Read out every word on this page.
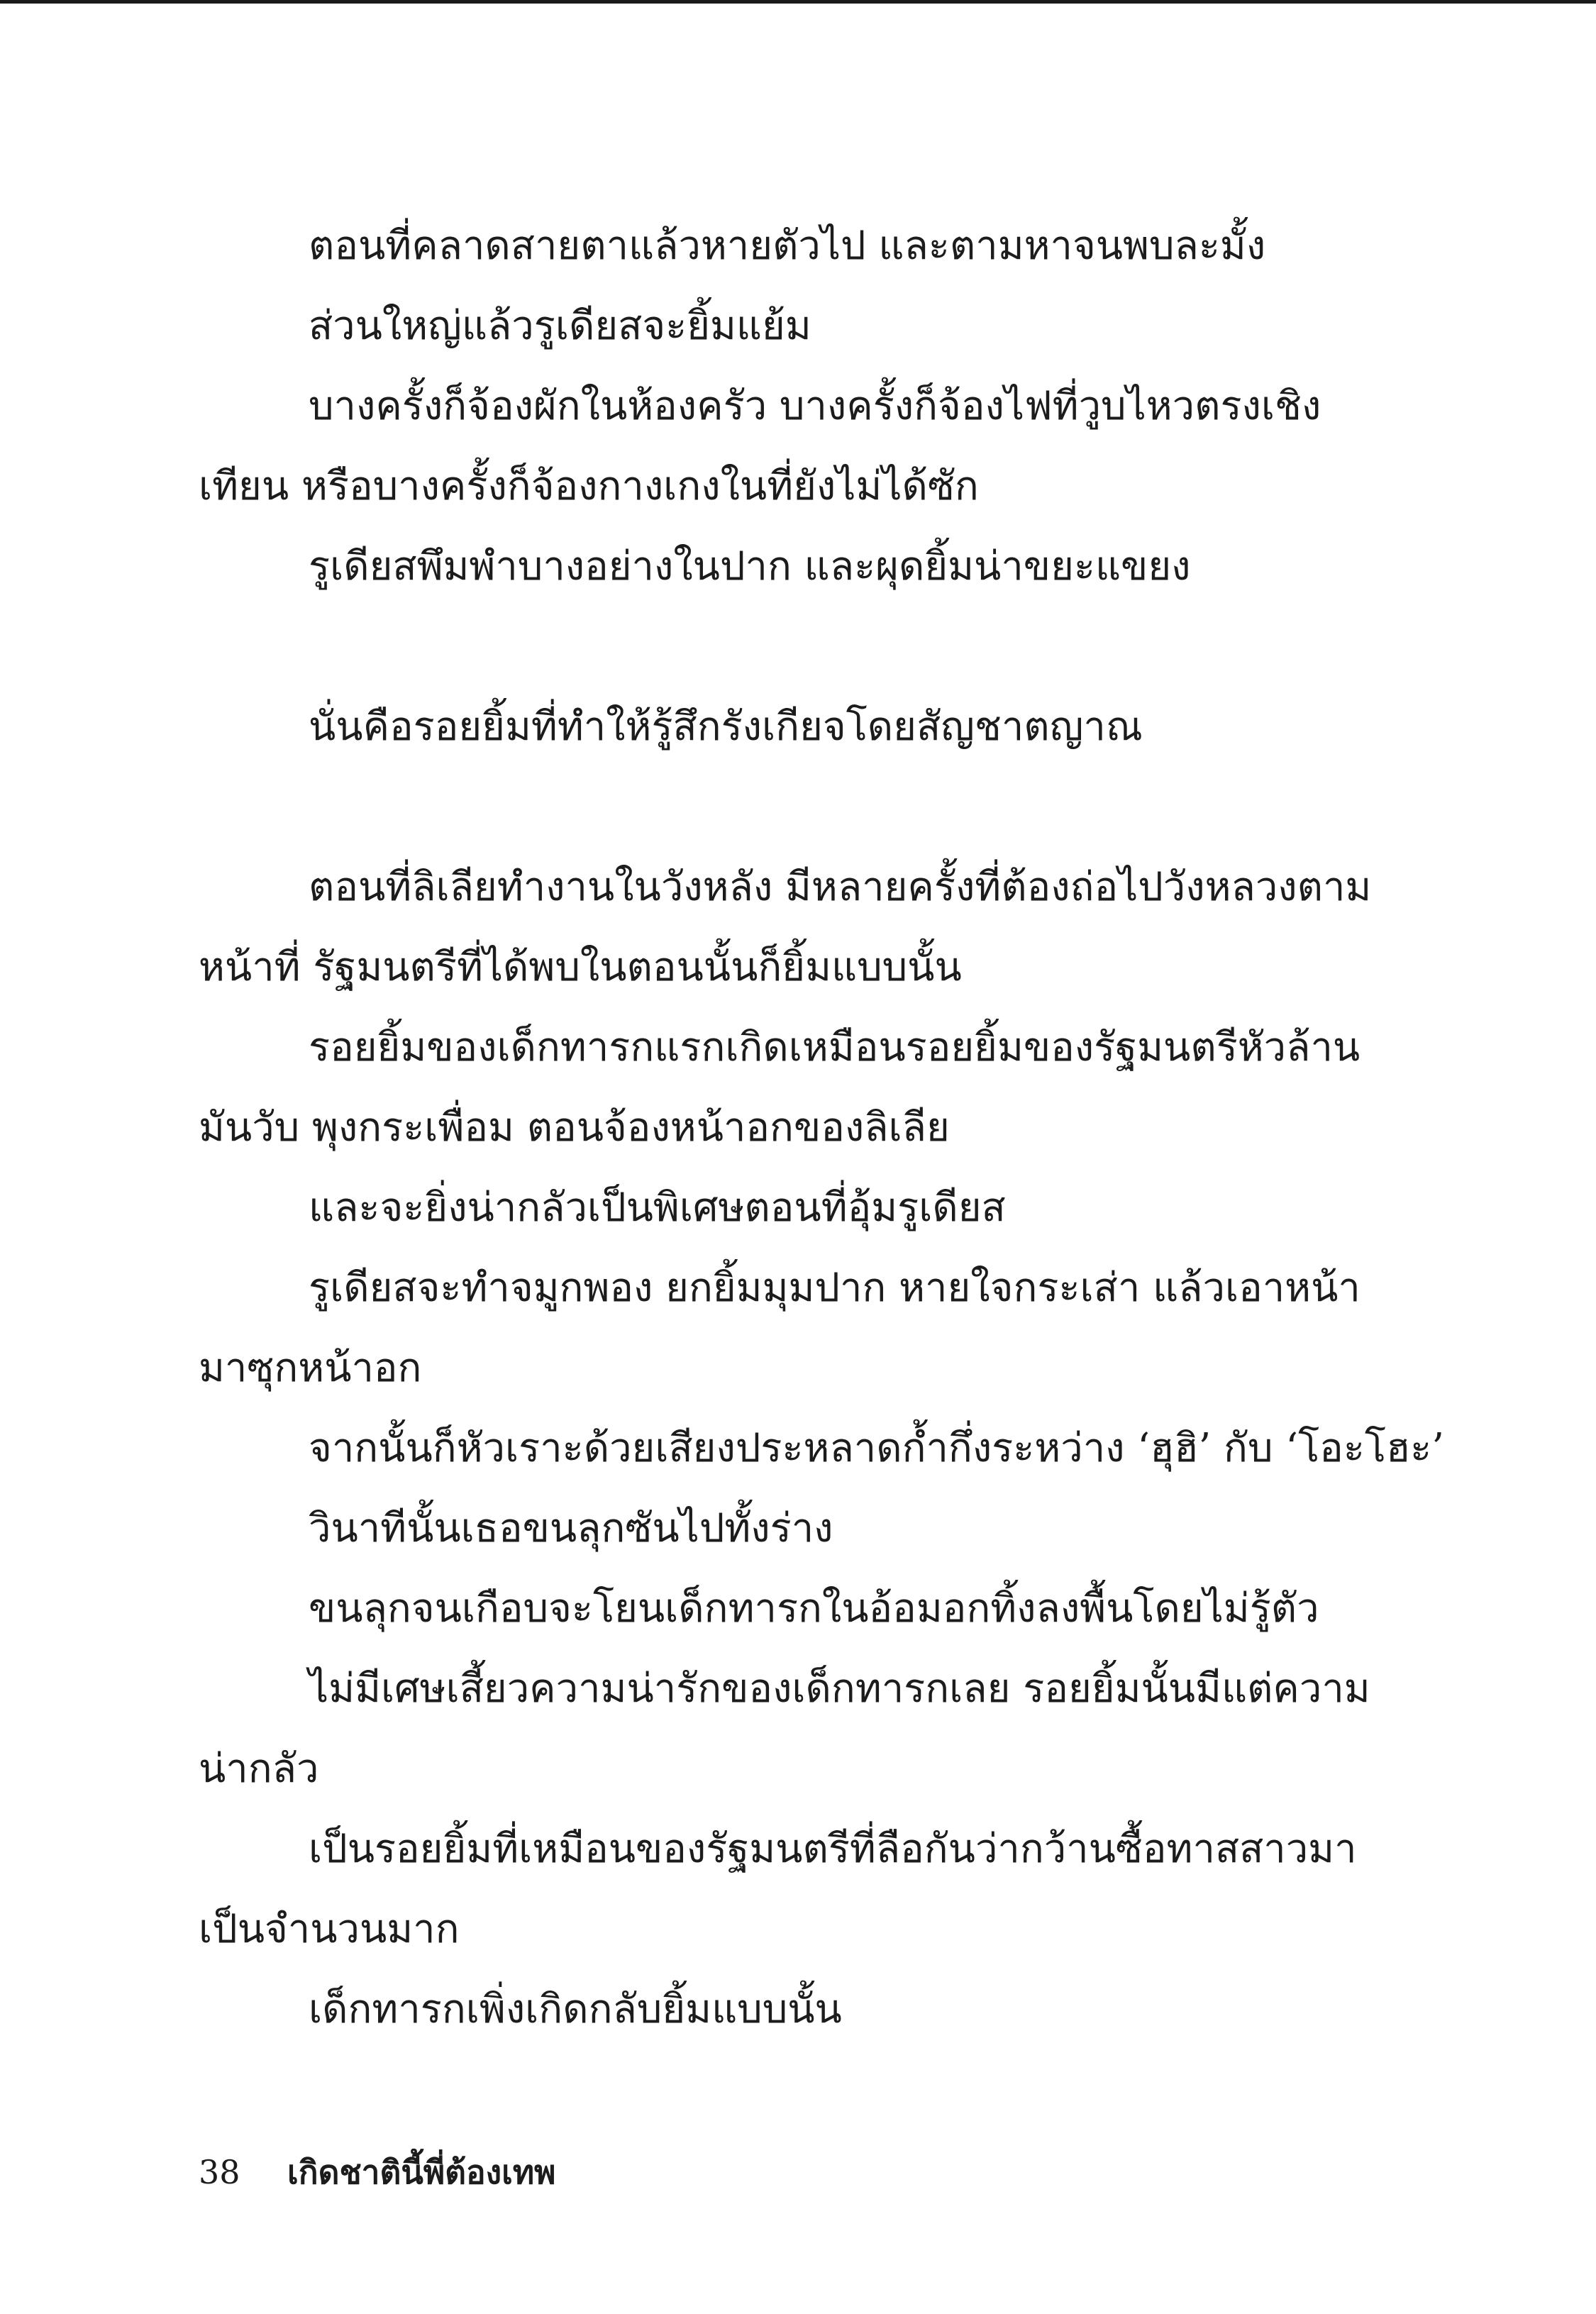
ตอนที่คลาดสายตาแล้วหายตัวไป และตามหาจนพบละมั้ง
ส่วนใหญ่แล้วรูเดียสจะยิ้มแย้ม
บางครั้งก็จ้องผักในห้องครัว บางครั้งก็จ้องไฟที่วูบไหวตรงเชิง
เทียน หรือบางครั้งก็จ้องกางเกงในที่ยังไม่ได้ซัก
รูเดียสพึมพำบางอย่างในปาก และผุดยิ้มน่าขยะแขยง
นั่นคือรอยยิ้มที่ทำให้รู้สึกรังเกียจโดยสัญชาตญาณ
ตอนที่ลิเลียทำงานในวังหลัง มีหลายครั้งที่ต้องถ่อไปวังหลวงตาม
หน้าที่ รัฐมนตรีที่ได้พบในตอนนั้นก็ยิ้มแบบนั้น
รอยยิ้มของเด็กทารกแรกเกิดเหมือนรอยยิ้มของรัฐมนตรีหัวล้าน
มันวับ พุงกระเพื่อม ตอนจ้องหน้าอกของลิเลีย
และจะยิ่งน่ากลัวเป็นพิเศษตอนที่อุ้มรูเดียส
รูเดียสจะทำจมูกพอง ยกยิ้มมุมปาก หายใจกระเส่า แล้วเอาหน้า
มาซุกหน้าอก
จากนั้นก็หัวเราะด้วยเสียงประหลาดก้ำกึ่งระหว่าง ‘ฮุฮิ’ กับ ‘โอะโฮะ’
วินาทีนั้นเธอขนลุกซันไปทั้งร่าง
ขนลุกจนเกือบจะโยนเด็กทารกในอ้อมอกทิ้งลงพื้นโดยไม่รู้ตัว
ไม่มีเศษเสี้ยวความน่ารักของเด็กทารกเลย รอยยิ้มนั้นมีแต่ความ
น่ากลัว
เป็นรอยยิ้มที่เหมือนของรัฐมนตรีที่ลือกันว่ากว้านซื้อทาสสาวมา
เป็นจำนวนมาก
เด็กทารกเพิ่งเกิดกลับยิ้มแบบนั้น
38 เกิดชาตินี้พี่ต้องเทพ
